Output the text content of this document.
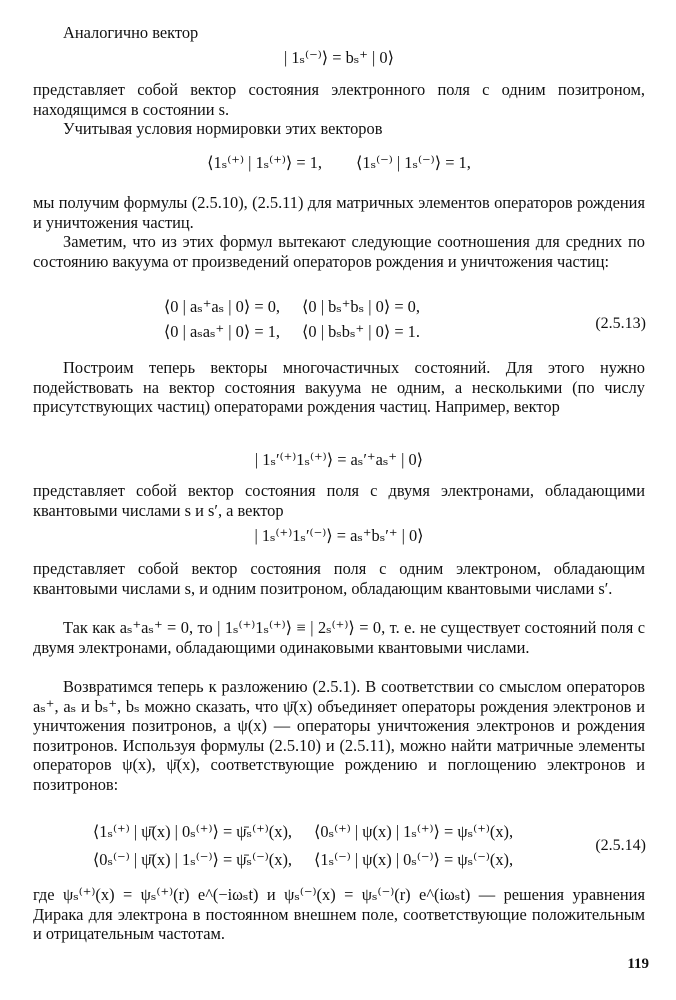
Аналогично вектор

| 1ₛ⁽⁻⁾⟩ = bₛ⁺ | 0⟩

представляет собой вектор состояния электронного поля с одним позитроном, находящимся в состоянии s.

Учитывая условия нормировки этих векторов

⟨1ₛ⁽⁺⁾ | 1ₛ⁽⁺⁾⟩ = 1, ⟨1ₛ⁽⁻⁾ | 1ₛ⁽⁻⁾⟩ = 1,

мы получим формулы (2.5.10), (2.5.11) для матричных элементов операторов рождения и уничтожения частиц.

Заметим, что из этих формул вытекают следующие соотношения для средних по состоянию вакуума от произведений операторов рождения и уничтожения частиц:

⟨0 | aₛ⁺aₛ | 0⟩ = 0, ⟨0 | bₛ⁺bₛ | 0⟩ = 0,
⟨0 | aₛaₛ⁺ | 0⟩ = 1, ⟨0 | bₛbₛ⁺ | 0⟩ = 1.	(2.5.13)

Построим теперь векторы многочастичных состояний. Для этого нужно подействовать на вектор состояния вакуума не одним, а несколькими (по числу присутствующих частиц) операторами рождения частиц. Например, вектор

| 1ₛ′⁽⁺⁾1ₛ⁽⁺⁾⟩ = aₛ′⁺aₛ⁺ | 0⟩

представляет собой вектор состояния поля с двумя электронами, обладающими квантовыми числами s и s′, а вектор

| 1ₛ⁽⁺⁾1ₛ′⁽⁻⁾⟩ = aₛ⁺bₛ′⁺ | 0⟩

представляет собой вектор состояния поля с одним электроном, обладающим квантовыми числами s, и одним позитроном, обладающим квантовыми числами s′.

Так как aₛ⁺aₛ⁺ = 0, то | 1ₛ⁽⁺⁾1ₛ⁽⁺⁾⟩ ≡ | 2ₛ⁽⁺⁾⟩ = 0, т. е. не существует состояний поля с двумя электронами, обладающими одинаковыми квантовыми числами.

Возвратимся теперь к разложению (2.5.1). В соответствии со смыслом операторов aₛ⁺, aₛ и bₛ⁺, bₛ можно сказать, что ψ̄(x) объединяет операторы рождения электронов и уничтожения позитронов, а ψ(x) — операторы уничтожения электронов и рождения позитронов. Используя формулы (2.5.10) и (2.5.11), можно найти матричные элементы операторов ψ(x), ψ̄(x), соответствующие рождению и поглощению электронов и позитронов:

⟨1ₛ⁽⁺⁾ | ψ̄(x) | 0ₛ⁽⁺⁾⟩ = ψ̄ₛ⁽⁺⁾(x), ⟨0ₛ⁽⁺⁾ | ψ(x) | 1ₛ⁽⁺⁾⟩ = ψₛ⁽⁺⁾(x),
⟨0ₛ⁽⁻⁾ | ψ̄(x) | 1ₛ⁽⁻⁾⟩ = ψ̄ₛ⁽⁻⁾(x), ⟨1ₛ⁽⁻⁾ | ψ(x) | 0ₛ⁽⁻⁾⟩ = ψₛ⁽⁻⁾(x),
(2.5.14)

где ψₛ⁽⁺⁾(x) = ψₛ⁽⁺⁾(r) e^(−iωₛt) и ψₛ⁽⁻⁾(x) = ψₛ⁽⁻⁾(r) e^(iωₛt) — решения уравнения Дирака для электрона в постоянном внешнем поле, соответствующие положительным и отрицательным частотам.

119
